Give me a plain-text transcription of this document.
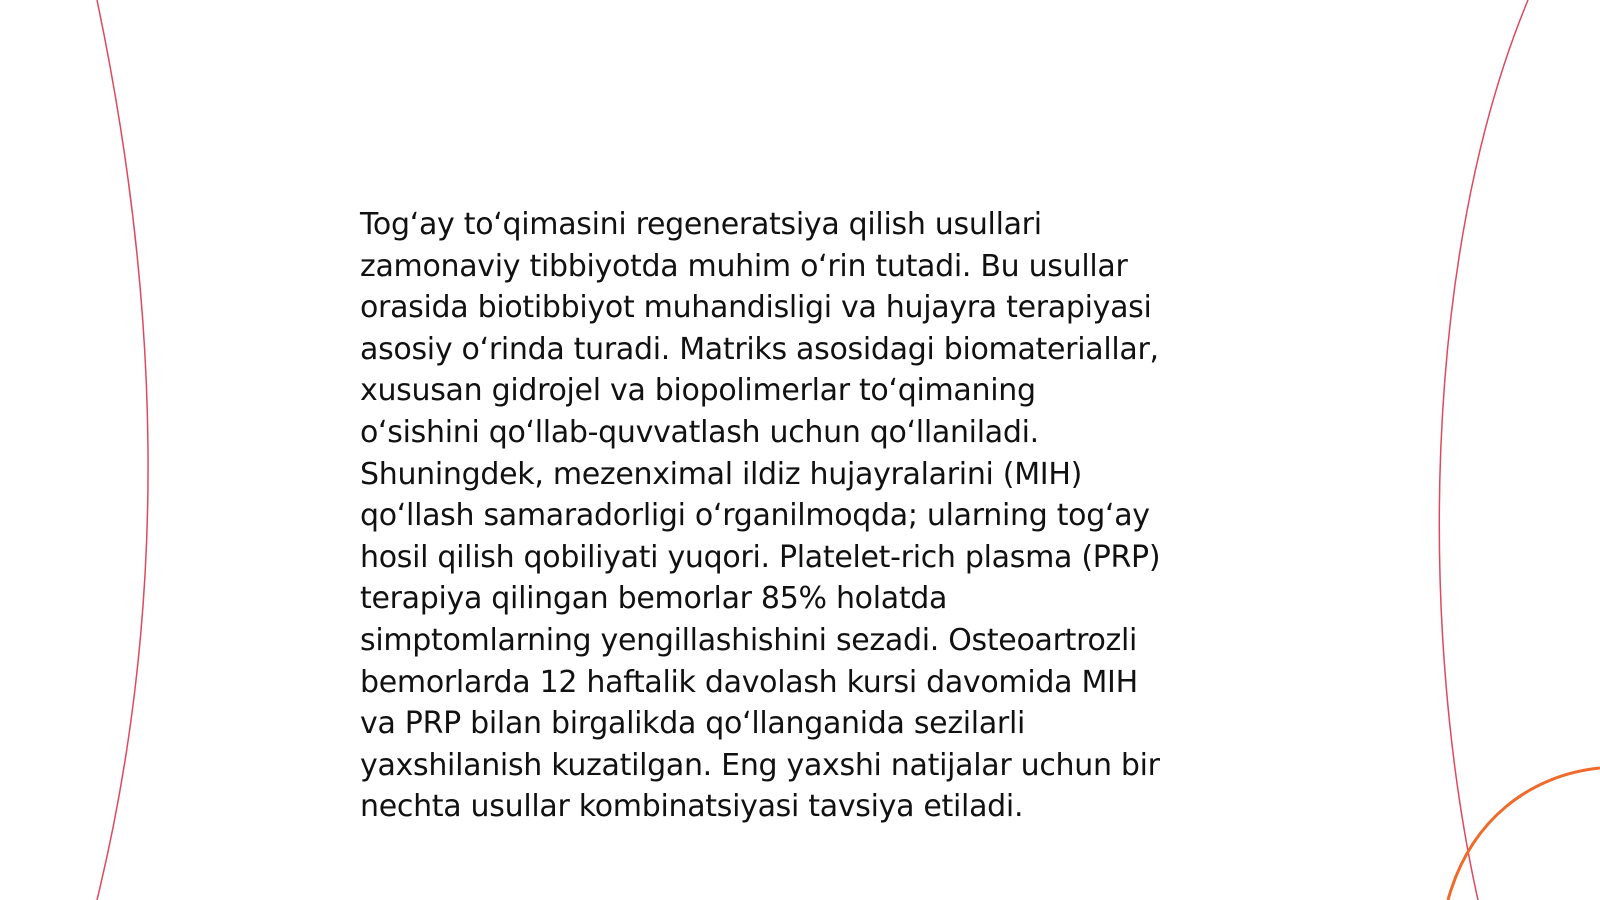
Tog‘ay to‘qimasini regeneratsiya qilish usullari
zamonaviy tibbiyotda muhim o‘rin tutadi. Bu usullar
orasida biotibbiyot muhandisligi va hujayra terapiyasi
asosiy o‘rinda turadi. Matriks asosidagi biomateriallar,
xususan gidrojel va biopolimerlar to‘qimaning
o‘sishini qo‘llab-quvvatlash uchun qo‘llaniladi.
Shuningdek, mezenximal ildiz hujayralarini (MIH)
qo‘llash samaradorligi o‘rganilmoqda; ularning tog‘ay
hosil qilish qobiliyati yuqori. Platelet-rich plasma (PRP)
terapiya qilingan bemorlar 85% holatda
simptomlarning yengillashishini sezadi. Osteoartrozli
bemorlarda 12 haftalik davolash kursi davomida MIH
va PRP bilan birgalikda qo‘llanganida sezilarli
yaxshilanish kuzatilgan. Eng yaxshi natijalar uchun bir
nechta usullar kombinatsiyasi tavsiya etiladi.
